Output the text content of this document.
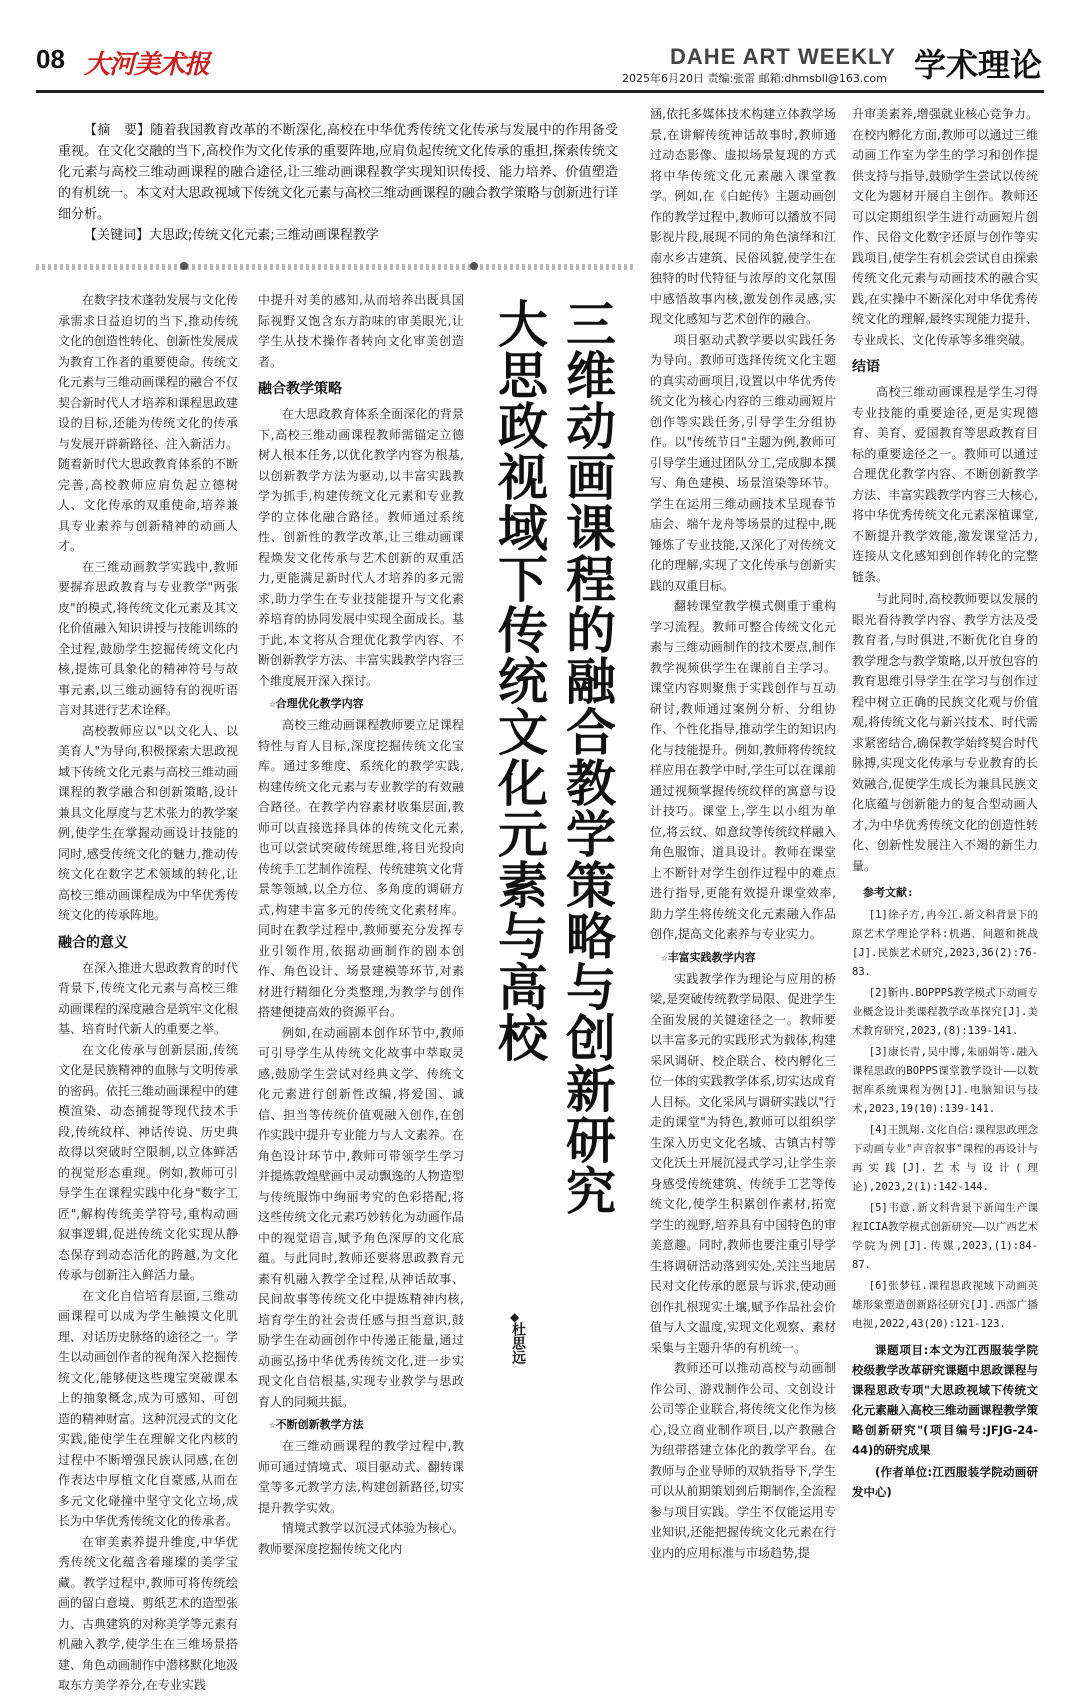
08 大河美术报	DAHE ART WEEKLY 学术理论
2025年6月20日 责编:张雷 邮箱:dhmsbll@163.com

【摘　要】随着我国教育改革的不断深化,高校在中华优秀传统文化传承与发展中的作用备受重视。在文化交融的当下,高校作为文化传承的重要阵地,应肩负起传统文化传承的重担,探索传统文化元素与高校三维动画课程的融合途径,让三维动画课程教学实现知识传授、能力培养、价值塑造的有机统一。本文对大思政视域下传统文化元素与高校三维动画课程的融合教学策略与创新进行详细分析。

【关键词】大思政;传统文化元素;三维动画课程教学

三维动画课程的融合教学策略与创新研究
大思政视域下传统文化元素与高校
◆
杜思远

在数字技术蓬勃发展与文化传承需求日益迫切的当下,推动传统文化的创造性转化、创新性发展成为教育工作者的重要使命。传统文化元素与三维动画课程的融合不仅契合新时代人才培养和课程思政建设的目标,还能为传统文化的传承与发展开辟新路径、注入新活力。随着新时代大思政教育体系的不断完善,高校教师应肩负起立德树人、文化传承的双重使命,培养兼具专业素养与创新精神的动画人才。

在三维动画教学实践中,教师要摒弃思政教育与专业教学"两张皮"的模式,将传统文化元素及其文化价值融入知识讲授与技能训练的全过程,鼓励学生挖掘传统文化内核,提炼可具象化的精神符号与故事元素,以三维动画特有的视听语言对其进行艺术诠释。

高校教师应以"以文化人、以美育人"为导向,积极探索大思政视域下传统文化元素与高校三维动画课程的教学融合和创新策略,设计兼具文化厚度与艺术张力的教学案例,使学生在掌握动画设计技能的同时,感受传统文化的魅力,推动传统文化在数字艺术领域的转化,让高校三维动画课程成为中华优秀传统文化的传承阵地。

融合的意义

在深入推进大思政教育的时代背景下,传统文化元素与高校三维动画课程的深度融合是筑牢文化根基、培育时代新人的重要之举。

在文化传承与创新层面,传统文化是民族精神的血脉与文明传承的密码。依托三维动画课程中的建模渲染、动态捕捉等现代技术手段,传统纹样、神话传说、历史典故得以突破时空限制,以立体鲜活的视觉形态重现。例如,教师可引导学生在课程实践中化身"数字工匠",解构传统美学符号,重构动画叙事逻辑,促进传统文化实现从静态保存到动态活化的跨越,为文化传承与创新注入鲜活力量。

在文化自信培育层面,三维动画课程可以成为学生触摸文化肌理、对话历史脉络的途径之一。学生以动画创作者的视角深入挖掘传统文化,能够使这些瑰宝突破课本上的抽象概念,成为可感知、可创造的精神财富。这种沉浸式的文化实践,能使学生在理解文化内核的过程中不断增强民族认同感,在创作表达中厚植文化自豪感,从而在多元文化碰撞中坚守文化立场,成长为中华优秀传统文化的传承者。

在审美素养提升维度,中华优秀传统文化蕴含着璀璨的美学宝藏。教学过程中,教师可将传统绘画的留白意境、剪纸艺术的造型张力、古典建筑的对称美学等元素有机融入教学,使学生在三维场景搭建、角色动画制作中潜移默化地汲取东方美学养分,在专业实践

中提升对美的感知,从而培养出既具国际视野又饱含东方韵味的审美眼光,让学生从技术操作者转向文化审美创造者。

融合教学策略

在大思政教育体系全面深化的背景下,高校三维动画课程教师需锚定立德树人根本任务,以优化教学内容为根基,以创新教学方法为驱动,以丰富实践教学为抓手,构建传统文化元素和专业教学的立体化融合路径。教师通过系统性、创新性的教学改革,让三维动画课程焕发文化传承与艺术创新的双重活力,更能满足新时代人才培养的多元需求,助力学生在专业技能提升与文化素养培育的协同发展中实现全面成长。基于此,本文将从合理优化教学内容、不断创新教学方法、丰富实践教学内容三个维度展开深入探讨。

☆合理优化教学内容

高校三维动画课程教师要立足课程特性与育人目标,深度挖掘传统文化宝库。通过多维度、系统化的教学实践,构建传统文化元素与专业教学的有效融合路径。在教学内容素材收集层面,教师可以直接选择具体的传统文化元素,也可以尝试突破传统思维,将目光投向传统手工艺制作流程、传统建筑文化背景等领域,以全方位、多角度的调研方式,构建丰富多元的传统文化素材库。同时在教学过程中,教师要充分发挥专业引领作用,依据动画制作的剧本创作、角色设计、场景建模等环节,对素材进行精细化分类整理,为教学与创作搭建便捷高效的资源平台。

例如,在动画剧本创作环节中,教师可引导学生从传统文化故事中萃取灵感,鼓励学生尝试对经典文学、传统文化元素进行创新性改编,将爱国、诚信、担当等传统价值观融入创作,在创作实践中提升专业能力与人文素养。在角色设计环节中,教师可带领学生学习并提炼敦煌壁画中灵动飘逸的人物造型与传统服饰中绚丽考究的色彩搭配,将这些传统文化元素巧妙转化为动画作品中的视觉语言,赋予角色深厚的文化底蕴。与此同时,教师还要将思政教育元素有机融入教学全过程,从神话故事、民间故事等传统文化中提炼精神内核,培育学生的社会责任感与担当意识,鼓励学生在动画创作中传递正能量,通过动画弘扬中华优秀传统文化,进一步实现文化自信根基,实现专业教学与思政育人的同频共振。

☆不断创新教学方法

在三维动画课程的教学过程中,教师可通过情境式、项目驱动式、翻转课堂等多元教学方法,构建创新路径,切实提升教学实效。

情境式教学以沉浸式体验为核心。教师要深度挖掘传统文化内

涵,依托多媒体技术构建立体教学场景,在讲解传统神话故事时,教师通过动态影像、虚拟场景复现的方式将中华传统文化元素融入课堂教学。例如,在《白蛇传》主题动画创作的教学过程中,教师可以播放不同影视片段,展现不同的角色演绎和江南水乡古建筑、民俗风貌,使学生在独特的时代特征与浓厚的文化氛围中感悟故事内核,激发创作灵感,实现文化感知与艺术创作的融合。

项目驱动式教学要以实践任务为导向。教师可选择传统文化主题的真实动画项目,设置以中华优秀传统文化为核心内容的三维动画短片创作等实践任务,引导学生分组协作。以"传统节日"主题为例,教师可引导学生通过团队分工,完成脚本撰写、角色建模、场景渲染等环节。学生在运用三维动画技术呈现春节庙会、端午龙舟等场景的过程中,既锤炼了专业技能,又深化了对传统文化的理解,实现了文化传承与创新实践的双重目标。

翻转课堂教学模式侧重于重构学习流程。教师可整合传统文化元素与三维动画制作的技术要点,制作教学视频供学生在课前自主学习。课堂内容则聚焦于实践创作与互动研讨,教师通过案例分析、分组协作、个性化指导,推动学生的知识内化与技能提升。例如,教师将传统纹样应用在教学中时,学生可以在课前通过视频掌握传统纹样的寓意与设计技巧。课堂上,学生以小组为单位,将云纹、如意纹等传统纹样融入角色服饰、道具设计。教师在课堂上不断针对学生创作过程中的难点进行指导,更能有效提升课堂效率,助力学生将传统文化元素融入作品创作,提高文化素养与专业实力。

☆丰富实践教学内容

实践教学作为理论与应用的桥梁,是突破传统教学局限、促进学生全面发展的关键途径之一。教师要以丰富多元的实践形式为载体,构建采风调研、校企联合、校内孵化三位一体的实践教学体系,切实达成育人目标。文化采风与调研实践以"行走的课堂"为特色,教师可以组织学生深入历史文化名城、古镇古村等文化沃土开展沉浸式学习,让学生亲身感受传统建筑、传统手工艺等传统文化,使学生积累创作素材,拓宽学生的视野,培养具有中国特色的审美意趣。同时,教师也要注重引导学生将调研活动落到实处,关注当地居民对文化传承的愿景与诉求,使动画创作扎根现实土壤,赋予作品社会价值与人文温度,实现文化观察、素材采集与主题升华的有机统一。

教师还可以推动高校与动画制作公司、游戏制作公司、文创设计公司等企业联合,将传统文化作为核心,设立商业制作项目,以产教融合为纽带搭建立体化的教学平台。在教师与企业导师的双轨指导下,学生可以从前期策划到后期制作,全流程参与项目实践。学生不仅能运用专业知识,还能把握传统文化元素在行业内的应用标准与市场趋势,提

升审美素养,增强就业核心竞争力。在校内孵化方面,教师可以通过三维动画工作室为学生的学习和创作提供支持与指导,鼓励学生尝试以传统文化为题材开展自主创作。教师还可以定期组织学生进行动画短片创作、民俗文化数字还原与创作等实践项目,使学生有机会尝试自由探索传统文化元素与动画技术的融合实践,在实操中不断深化对中华优秀传统文化的理解,最终实现能力提升、专业成长、文化传承等多维突破。

结语

高校三维动画课程是学生习得专业技能的重要途径,更是实现德育、美育、爱国教育等思政教育目标的重要途径之一。教师可以通过合理优化教学内容、不断创新教学方法、丰富实践教学内容三大核心,将中华优秀传统文化元素深植课堂,不断提升教学效能,激发课堂活力,连接从文化感知到创作转化的完整链条。

与此同时,高校教师要以发展的眼光看待教学内容、教学方法及受教育者,与时俱进,不断优化自身的教学理念与教学策略,以开放包容的教育思维引导学生在学习与创作过程中树立正确的民族文化观与价值观,将传统文化与新兴技术、时代需求紧密结合,确保教学始终契合时代脉搏,实现文化传承与专业教育的长效融合,促使学生成长为兼具民族文化底蕴与创新能力的复合型动画人才,为中华优秀传统文化的创造性转化、创新性发展注入不竭的新生力量。

参考文献:

[1]徐子方,冉今江.新文科背景下的原艺术学理论学科:机遇、问题和挑战[J].民族艺术研究,2023,36(2):76-83.

[2]靳冉.BOPPPS教学模式下动画专业概念设计类课程教学改革探究[J].美术教育研究,2023,(8):139-141.

[3]康长青,吴中博,朱丽娟等.融入课程思政的BOPPS课堂教学设计——以数据库系统课程为例[J].电脑知识与技术,2023,19(10):139-141.

[4]王凯翔.文化自信:课程思政理念下动画专业"声音叙事"课程的再设计与再实践[J].艺术与设计(理论),2023,2(1):142-144.

[5]韦意.新文科背景下新闻生产课程ICIA教学模式创新研究——以广西艺术学院为例[J].传媒,2023,(1):84-87.

[6]张梦钰.课程思政视域下动画英雄形象塑造创新路径研究[J].西部广播电视,2022,43(20):121-123.

课题项目:本文为江西服装学院校级教学改革研究课题中思政课程与课程思政专项"大思政视域下传统文化元素融入高校三维动画课程教学策略创新研究"(项目编号:JFJG-24-44)的研究成果
(作者单位:江西服装学院动画研发中心)
